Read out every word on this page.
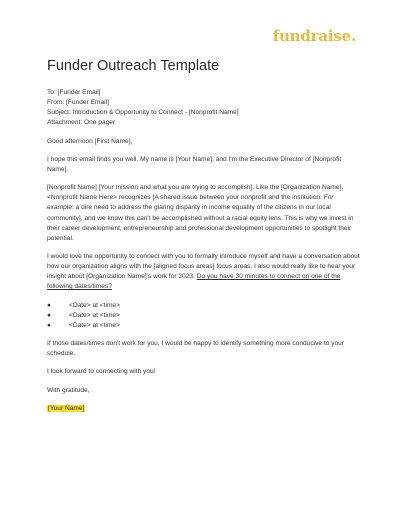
fundraise.
Funder Outreach Template

To: [Funder Email]

From: [Funder Email]

Subject: Introduction & Opportunity to Connect - [Nonprofit Name]

Attachment: One pager

Good afternoon [First Name],

I hope this email finds you well. My name is [Your Name], and I'm the Executive Director of [Nonprofit Name].

[Nonprofit Name] [Your mission and what you are trying to accomplish]. Like the [Organization Name], <Nonprofit Name Here> recognizes [A shared issue between your nonprofit and the institution. For example: a dire need to address the glaring disparity in income equality of the citizens in our local community], and we know this can't be accomplished without a racial equity lens. This is why we invest in their career development, entrepreneurship and professional development opportunities to spotlight their potential.

I would love the opportunity to connect with you to formally introduce myself and have a conversation about how our organization aligns with the [aligned focus areas] focus areas. I also would really like to hear your insight about [Organization Name]'s work for 2023. Do you have 30 minutes to connect on one of the following dates/times?

●	<Date> at <time>
●	<Date> at <time>
●	<Date> at <time>

If those dates/times don't work for you, I would be happy to identify something more conducive to your schedule.

I look forward to connecting with you!

With gratitude,

[Your Name]
